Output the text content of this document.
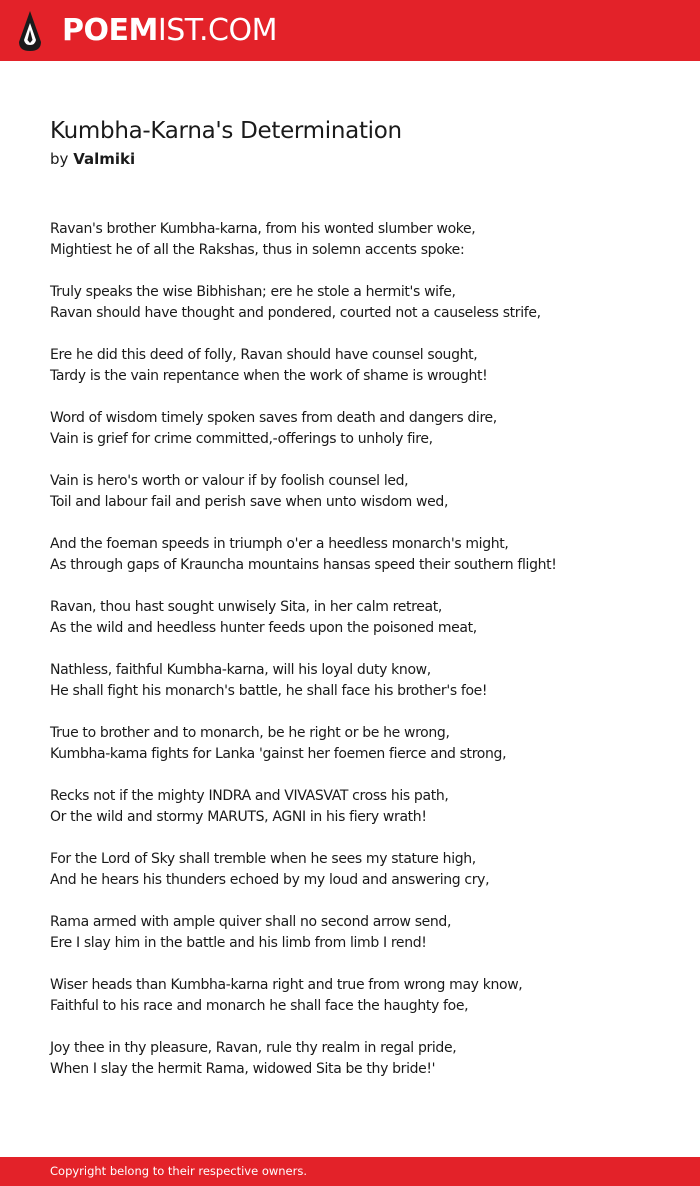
POEMIST.COM
Kumbha-Karna's Determination
by Valmiki
Ravan's brother Kumbha-karna, from his wonted slumber woke,
Mightiest he of all the Rakshas, thus in solemn accents spoke:
Truly speaks the wise Bibhishan; ere he stole a hermit's wife,
Ravan should have thought and pondered, courted not a causeless strife,
Ere he did this deed of folly, Ravan should have counsel sought,
Tardy is the vain repentance when the work of shame is wrought!
Word of wisdom timely spoken saves from death and dangers dire,
Vain is grief for crime committed,-offerings to unholy fire,
Vain is hero's worth or valour if by foolish counsel led,
Toil and labour fail and perish save when unto wisdom wed,
And the foeman speeds in triumph o'er a heedless monarch's might,
As through gaps of Krauncha mountains hansas speed their southern flight!
Ravan, thou hast sought unwisely Sita, in her calm retreat,
As the wild and heedless hunter feeds upon the poisoned meat,
Nathless, faithful Kumbha-karna, will his loyal duty know,
He shall fight his monarch's battle, he shall face his brother's foe!
True to brother and to monarch, be he right or be he wrong,
Kumbha-kama fights for Lanka 'gainst her foemen fierce and strong,
Recks not if the mighty INDRA and VIVASVAT cross his path,
Or the wild and stormy MARUTS, AGNI in his fiery wrath!
For the Lord of Sky shall tremble when he sees my stature high,
And he hears his thunders echoed by my loud and answering cry,
Rama armed with ample quiver shall no second arrow send,
Ere I slay him in the battle and his limb from limb I rend!
Wiser heads than Kumbha-karna right and true from wrong may know,
Faithful to his race and monarch he shall face the haughty foe,
Joy thee in thy pleasure, Ravan, rule thy realm in regal pride,
When I slay the hermit Rama, widowed Sita be thy bride!'
Copyright belong to their respective owners.
